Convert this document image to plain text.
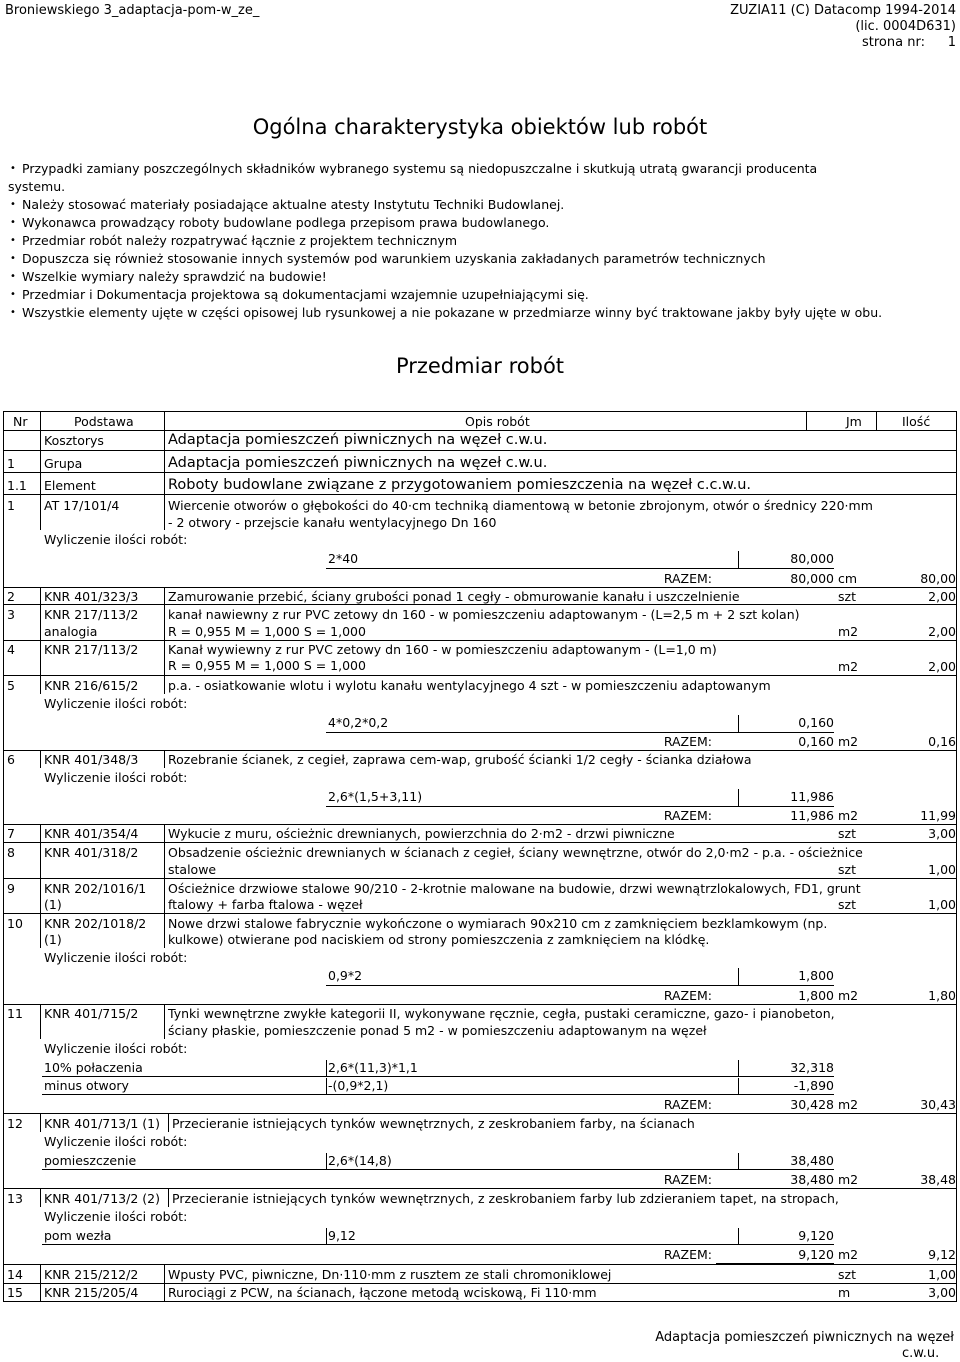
Broniewskiego 3_adaptacja-pom-w_ze_	ZUZIA11 (C) Datacomp 1994-2014
(lic. 0004D631)
strona nr: 1
Ogólna charakterystyka obiektów lub robót
• Przypadki zamiany poszczególnych składników wybranego systemu są niedopuszczalne i skutkują utratą gwarancji producenta
systemu.
• Należy stosować materiały posiadające aktualne atesty Instytutu Techniki Budowlanej.
• Wykonawca prowadzący roboty budowlane podlega przepisom prawa budowlanego.
• Przedmiar robót należy rozpatrywać łącznie z projektem technicznym
• Dopuszcza się również stosowanie innych systemów pod warunkiem uzyskania zakładanych parametrów technicznych
• Wszelkie wymiary należy sprawdzić na budowie!
• Przedmiar i Dokumentacja projektowa są dokumentacjami wzajemnie uzupełniającymi się.
• Wszystkie elementy ujęte w części opisowej lub rysunkowej a nie pokazane w przedmiarze winny być traktowane jakby były ujęte w obu.
Przedmiar robót
Nr	Podstawa	Opis robót	Jm	Ilość
Kosztorys	Adaptacja pomieszczeń piwnicznych na węzeł c.w.u.
1 Grupa	Adaptacja pomieszczeń piwnicznych na węzeł c.w.u.
1.1 Element	Roboty budowlane związane z przygotowaniem pomieszczenia na węzeł c.c.w.u.
1 AT 17/101/4	Wiercenie otworów o głębokości do 40·cm techniką diamentową w betonie zbrojonym, otwór o średnicy 220·mm
- 2 otwory - przejscie kanału wentylacyjnego Dn 160
Wyliczenie ilości robót:
2*40	80,000
RAZEM:	80,000 cm	80,00
2 KNR 401/323/3 Zamurowanie przebić, ściany grubości ponad 1 cegły - obmurowanie kanału i uszczelnienie	szt	2,00
3 KNR 217/113/2
analogia
kanał nawiewny z rur PVC zetowy dn 160 - w pomieszczeniu adaptowanym - (L=2,5 m + 2 szt kolan)
R = 0,955 M = 1,000 S = 1,000	m2	2,00
4 KNR 217/113/2 Kanał wywiewny z rur PVC zetowy dn 160 - w pomieszczeniu adaptowanym - (L=1,0 m)
R = 0,955 M = 1,000 S = 1,000	m2	2,00
5 KNR 216/615/2 p.a. - osiatkowanie wlotu i wylotu kanału wentylacyjnego 4 szt - w pomieszczeniu adaptowanym
Wyliczenie ilości robót:
4*0,2*0,2	0,160
RAZEM:	0,160 m2	0,16
6 KNR 401/348/3 Rozebranie ścianek, z cegieł, zaprawa cem-wap, grubość ścianki 1/2 cegły - ścianka działowa
Wyliczenie ilości robót:
2,6*(1,5+3,11)	11,986
RAZEM:	11,986 m2	11,99
7 KNR 401/354/4 Wykucie z muru, ościeżnic drewnianych, powierzchnia do 2·m2 - drzwi piwniczne	szt	3,00
8 KNR 401/318/2 Obsadzenie ościeżnic drewnianych w ścianach z cegieł, ściany wewnętrzne, otwór do 2,0·m2 - p.a. - ościeżnice
stalowe	szt	1,00
9 KNR 202/1016/1
(1)
Ościeżnice drzwiowe stalowe 90/210 - 2-krotnie malowane na budowie, drzwi wewnątrzlokalowych, FD1, grunt
ftalowy + farba ftalowa - węzeł	szt	1,00
10 KNR 202/1018/2
(1)
Nowe drzwi stalowe fabrycznie wykończone o wymiarach 90x210 cm z zamknięciem bezklamkowym (np.
kulkowe) otwierane pod naciskiem od strony pomieszczenia z zamknięciem na klódkę.
Wyliczenie ilości robót:
0,9*2	1,800
RAZEM:	1,800 m2	1,80
11 KNR 401/715/2 Tynki wewnętrzne zwykłe kategorii II, wykonywane ręcznie, cegła, pustaki ceramiczne, gazo- i pianobeton,
ściany płaskie, pomieszczenie ponad 5 m2 - w pomieszczeniu adaptowanym na węzeł
Wyliczenie ilości robót:
10% połaczenia	2,6*(11,3)*1,1	32,318
minus otwory	-(0,9*2,1)	-1,890
RAZEM:	30,428 m2	30,43
12 KNR 401/713/1 (1) Przecieranie istniejących tynków wewnętrznych, z zeskrobaniem farby, na ścianach
Wyliczenie ilości robót:
pomieszczenie	2,6*(14,8)	38,480
RAZEM:	38,480 m2	38,48
13 KNR 401/713/2 (2) Przecieranie istniejących tynków wewnętrznych, z zeskrobaniem farby lub zdzieraniem tapet, na stropach,
Wyliczenie ilości robót:
pom wezła	9,12	9,120
RAZEM:	9,120 m2	9,12
14 KNR 215/212/2 Wpusty PVC, piwniczne, Dn·110·mm z rusztem ze stali chromoniklowej	szt	1,00
15 KNR 215/205/4 Rurociągi z PCW, na ścianach, łączone metodą wciskową, Fi 110·mm	m	3,00
Adaptacja pomieszczeń piwnicznych na węzeł
c.w.u.
